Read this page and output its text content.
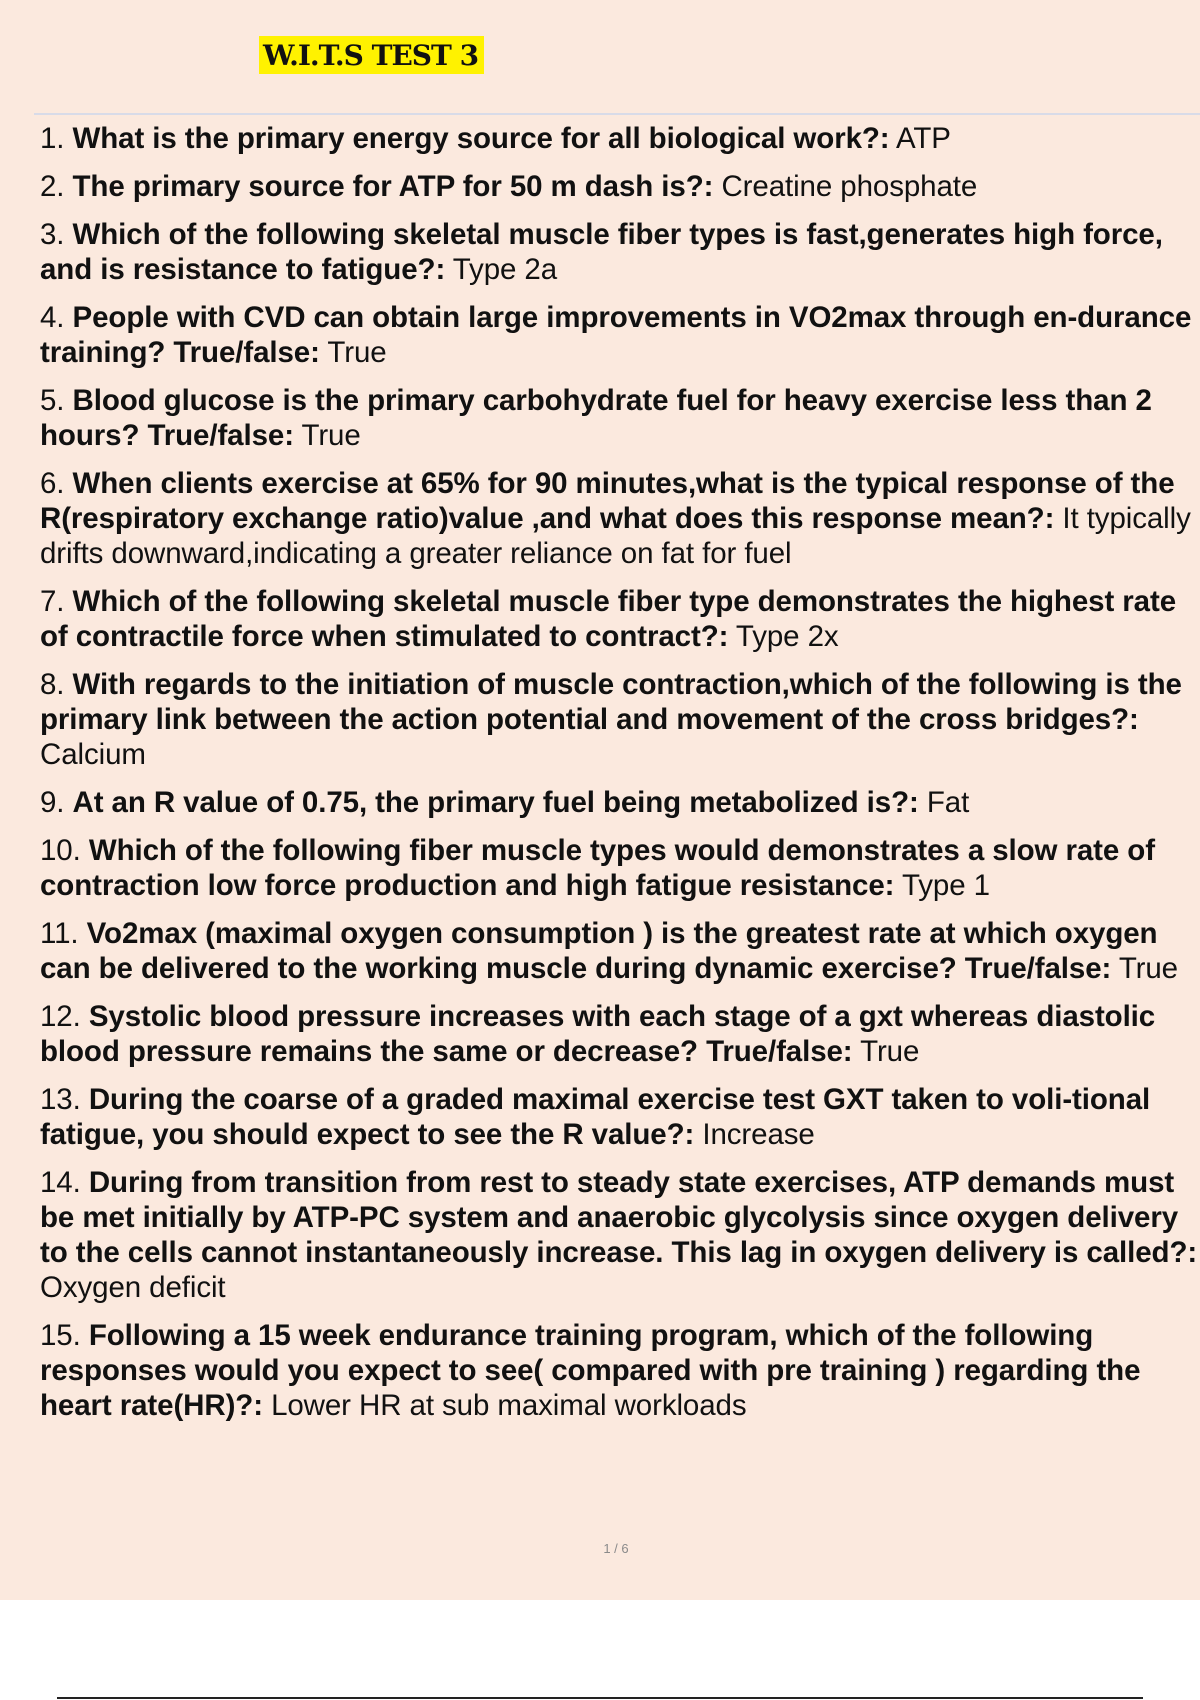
W.I.T.S TEST 3
1. What is the primary energy source for all biological work?: ATP
2. The primary source for ATP for 50 m dash is?: Creatine phosphate
3. Which of the following skeletal muscle fiber types is fast,generates high force, and is resistance to fatigue?: Type 2a
4. People with CVD can obtain large improvements in VO2max through en-durance training? True/false: True
5. Blood glucose is the primary carbohydrate fuel for heavy exercise less than 2 hours? True/false: True
6. When clients exercise at 65% for 90 minutes,what is the typical response of the R(respiratory exchange ratio)value ,and what does this response mean?: It typically drifts downward,indicating a greater reliance on fat for fuel
7. Which of the following skeletal muscle fiber type demonstrates the highest rate of contractile force when stimulated to contract?: Type 2x
8. With regards to the initiation of muscle contraction,which of the following is the primary link between the action potential and movement of the cross bridges?: Calcium
9. At an R value of 0.75, the primary fuel being metabolized is?: Fat
10. Which of the following fiber muscle types would demonstrates a slow rate of contraction low force production and high fatigue resistance: Type 1
11. Vo2max (maximal oxygen consumption ) is the greatest rate at which oxygen can be delivered to the working muscle during dynamic exercise? True/false: True
12. Systolic blood pressure increases with each stage of a gxt whereas diastolic blood pressure remains the same or decrease? True/false: True
13. During the coarse of a graded maximal exercise test GXT taken to voli-tional fatigue, you should expect to see the R value?: Increase
14. During from transition from rest to steady state exercises, ATP demands must be met initially by ATP-PC system and anaerobic glycolysis since oxygen delivery to the cells cannot instantaneously increase. This lag in oxygen delivery is called?: Oxygen deficit
15. Following a 15 week endurance training program, which of the following responses would you expect to see( compared with pre training ) regarding the heart rate(HR)?: Lower HR at sub maximal workloads
1 / 6
